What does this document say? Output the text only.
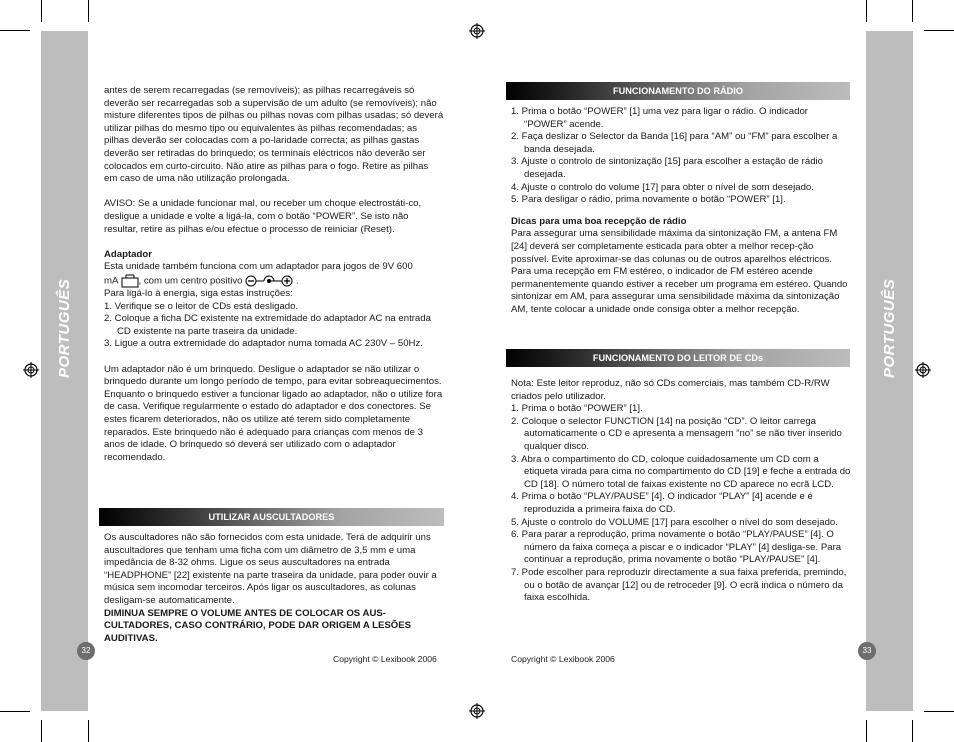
PORTUGUÊS	PORTUGUÊS
32	33

antes de serem recarregadas (se removíveis); as pilhas recarregáveis só deverão ser recarregadas sob a supervisão de um adulto (se removíveis); não misture diferentes tipos de pilhas ou pilhas novas com pilhas usadas; só deverá utilizar pilhas do mesmo tipo ou equivalentes às pilhas recomendadas; as pilhas deverão ser colocadas com a po-laridade correcta; as pilhas gastas deverão ser retiradas do brinquedo; os terminais eléctricos não deverão ser colocados em curto-circuito. Não atire as pilhas para o fogo. Retire as pilhas em caso de uma não utilização prolongada.

AVISO: Se a unidade funcionar mal, ou receber um choque electrostáti-co, desligue a unidade e volte a ligá-la, com o botão “POWER”. Se isto não resultar, retire as pilhas e/ou efectue o processo de reiniciar (Reset).

Adaptador

Esta unidade também funciona com um adaptador para jogos de 9V 600

mA , com um centro positivo	.

Para ligá-lo à energia, siga estas instruções:

1. Verifique se o leitor de CDs está desligado.
2. Coloque a ficha DC existente na extremidade do adaptador AC na entrada CD existente na parte traseira da unidade.
3. Ligue a outra extremidade do adaptador numa tomada AC 230V – 50Hz.

Um adaptador não é um brinquedo. Desligue o adaptador se não utilizar o brinquedo durante um longo período de tempo, para evitar sobreaquecimentos. Enquanto o brinquedo estiver a funcionar ligado ao adaptador, não o utilize fora de casa. Verifique regularmente o estado do adaptador e dos conectores. Se estes ficarem deteriorados, não os utilize até terem sido completamente reparados. Este brinquedo não é adequado para crianças com menos de 3 anos de idade. O brinquedo só deverá ser utilizado com o adaptador recomendado.

UTILIZAR AUSCULTADORES

Os auscultadores não são fornecidos com esta unidade. Terá de adquirir uns auscultadores que tenham uma ficha com um diâmetro de 3,5 mm e uma impedância de 8-32 ohms. Ligue os seus auscultadores na entrada “HEADPHONE” [22] existente na parte traseira da unidade, para poder ouvir a música sem incomodar terceiros. Após ligar os auscultadores, as colunas desligam-se automaticamente.

DIMINUA SEMPRE O VOLUME ANTES DE COLOCAR OS AUS-CULTADORES, CASO CONTRÁRIO, PODE DAR ORIGEM A LESÕES AUDITIVAS.

Copyright © Lexibook 2006
FUNCIONAMENTO DO RÁDIO
1. Prima o botão “POWER” [1] uma vez para ligar o rádio. O indicador “POWER” acende.
2. Faça deslizar o Selector da Banda [16] para “AM” ou “FM” para escolher a banda desejada.
3. Ajuste o controlo de sintonização [15] para escolher a estação de rádio desejada.
4. Ajuste o controlo do volume [17] para obter o nível de som desejado.
5. Para desligar o rádio, prima novamente o botão “POWER” [1].

Dicas para uma boa recepção de rádio

Para assegurar uma sensibilidade máxima da sintonização FM, a antena FM [24] deverá ser completamente esticada para obter a melhor recep-ção possível. Evite aproximar-se das colunas ou de outros aparelhos eléctricos.

Para uma recepção em FM estéreo, o indicador de FM estéreo acende permanentemente quando estiver a receber um programa em estéreo. Quando sintonizar em AM, para assegurar uma sensibilidade máxima da sintonização AM, tente colocar a unidade onde consiga obter a melhor recepção.

FUNCIONAMENTO DO LEITOR DE CDs

Nota: Este leitor reproduz, não só CDs comerciais, mas também CD-R/RW criados pelo utilizador.

1. Prima o botão “POWER” [1].
2. Coloque o selector FUNCTION [14] na posição “CD”. O leitor carrega automaticamente o CD e apresenta a mensagem “no” se não tiver inserido qualquer disco.
3. Abra o compartimento do CD, coloque cuidadosamente um CD com a etiqueta virada para cima no compartimento do CD [19] e feche a entrada do CD [18]. O número total de faixas existente no CD aparece no ecrã LCD.
4. Prima o botão “PLAY/PAUSE” [4]. O indicador “PLAY” [4] acende e é reproduzida a primeira faixa do CD.
5. Ajuste o controlo do VOLUME [17] para escolher o nível do som desejado.
6. Para parar a reprodução, prima novamente o botão “PLAY/PAUSE” [4]. O número da faixa começa a piscar e o indicador “PLAY” [4] desliga-se. Para continuar a reprodução, prima novamente o botão “PLAY/PAUSE” [4].
7. Pode escolher para reproduzir directamente a sua faixa preferida, premindo, ou o botão de avançar [12] ou de retroceder [9]. O ecrã indica o número da faixa escolhida.
Copyright © Lexibook 2006
